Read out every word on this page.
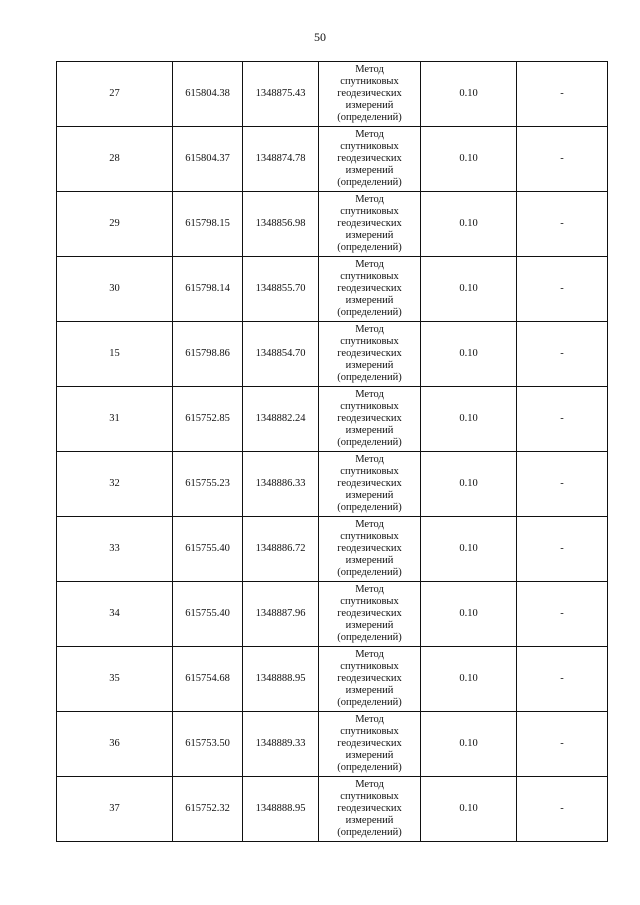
50
27	615804.38	1348875.43	Метод
спутниковых
геодезических
измерений
(определений)	0.10	-
28	615804.37	1348874.78	Метод
спутниковых
геодезических
измерений
(определений)	0.10	-
29	615798.15	1348856.98	Метод
спутниковых
геодезических
измерений
(определений)	0.10	-
30	615798.14	1348855.70	Метод
спутниковых
геодезических
измерений
(определений)	0.10	-
15	615798.86	1348854.70	Метод
спутниковых
геодезических
измерений
(определений)	0.10	-
31	615752.85	1348882.24	Метод
спутниковых
геодезических
измерений
(определений)	0.10	-
32	615755.23	1348886.33	Метод
спутниковых
геодезических
измерений
(определений)	0.10	-
33	615755.40	1348886.72	Метод
спутниковых
геодезических
измерений
(определений)	0.10	-
34	615755.40	1348887.96	Метод
спутниковых
геодезических
измерений
(определений)	0.10	-
35	615754.68	1348888.95	Метод
спутниковых
геодезических
измерений
(определений)	0.10	-
36	615753.50	1348889.33	Метод
спутниковых
геодезических
измерений
(определений)	0.10	-
37	615752.32	1348888.95	Метод
спутниковых
геодезических
измерений
(определений)	0.10	-
